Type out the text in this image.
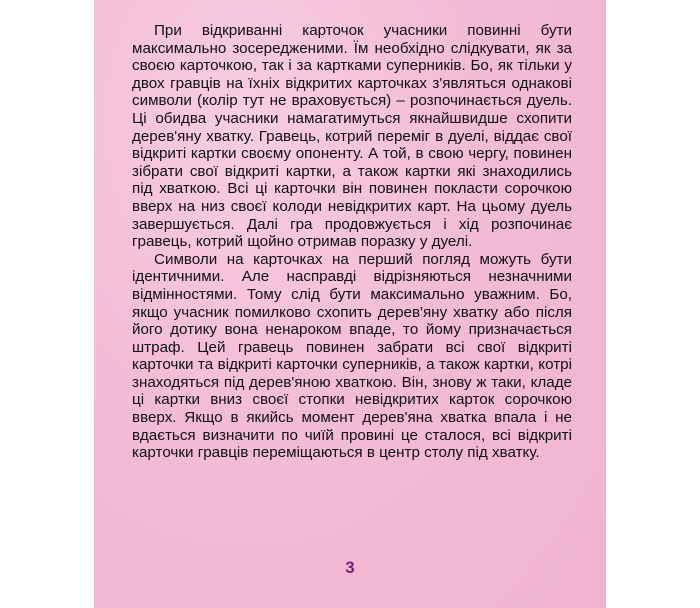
При відкриванні карточок учасники повинні бути максимально зосередженими. Їм необхідно слідкувати, як за своєю карточкою, так і за картками суперників. Бо, як тільки у двох гравців на їхніх відкритих карточках з'являться однакові символи (колір тут не враховується) – розпочинається дуель. Ці обидва учасники намагатимуться якнайшвидше схопити дерев'яну хватку. Гравець, котрий переміг в дуелі, віддає свої відкриті картки своєму опоненту. А той, в свою чергу, повинен зібрати свої відкриті картки, а також картки які знаходились під хваткою. Всі ці карточки він повинен покласти сорочкою вверх на низ своєї колоди невідкритих карт. На цьому дуель завершується. Далі гра продовжується і хід розпочинає гравець, котрий щойно отримав поразку у дуелі.

Символи на карточках на перший погляд можуть бути ідентичними. Але насправді відрізняються незначними відмінностями. Тому слід бути максимально уважним. Бо, якщо учасник помилково схопить дерев'яну хватку або після його дотику вона ненароком впаде, то йому призначається штраф. Цей гравець повинен забрати всі свої відкриті карточки та відкриті карточки суперників, а також картки, котрі знаходяться під дерев'яною хваткою. Він, знову ж таки, кладе ці картки вниз своєї стопки невідкритих карток сорочкою вверх. Якщо в якийсь момент дерев'яна хватка впала і не вдається визначити по чиїй провині це сталося, всі відкриті карточки гравців переміщаються в центр столу під хватку.

3
